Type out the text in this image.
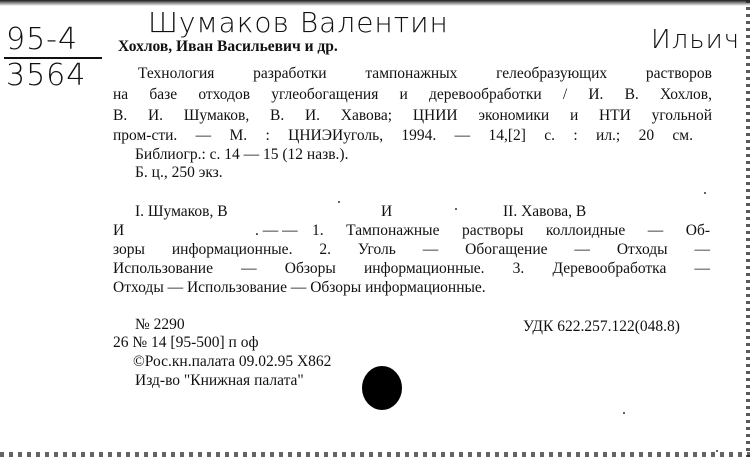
95-4
3564
Шумаков Валентин
Ильич
Хохлов, Иван Васильевич и др.
Технология разработки тампонажных гелеобразующих растворов
на базе отходов углеобогащения и деревообработки / И. В. Хохлов,
В. И. Шумаков, В. И. Хавова; ЦНИИ экономики и НТИ угольной
пром-сти. — М. : ЦНИЭИуголь, 1994. — 14,[2] с. : ил.; 20 см.
Библиогр.: с. 14 — 15 (12 назв.).
Б. ц., 250 экз.
I. Шумаков, В	И	II. Хавова, В
И	. — — 1. Тампонажные растворы коллоидные — Об-
зоры информационные. 2. Уголь — Обогащение — Отходы —
Использование — Обзоры информационные. 3. Деревообработка —
Отходы — Использование — Обзоры информационные.
№ 2290	УДК 622.257.122(048.8)
26 № 14 [95-500] п оф
©Рос.кн.палата 09.02.95 Х862
Изд-во "Книжная палата"
